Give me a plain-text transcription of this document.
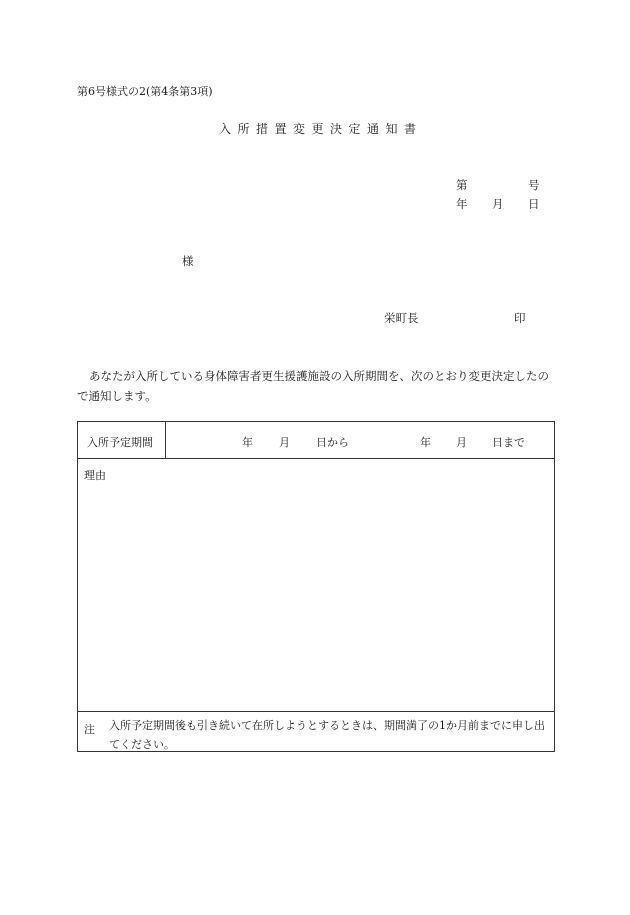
第6号様式の2(第4条第3項)
入所措置変更決定通知書
第	号
年 月 日
様
栄町長	印
あなたが入所している身体障害者更生援護施設の入所期間を、次のとおり変更決定したので通知します。
入所予定期間	年 月 日から	年 月 日まで
理由
注 入所予定期間後も引き続いて在所しようとするときは、期間満了の1か月前までに申し出てください。
